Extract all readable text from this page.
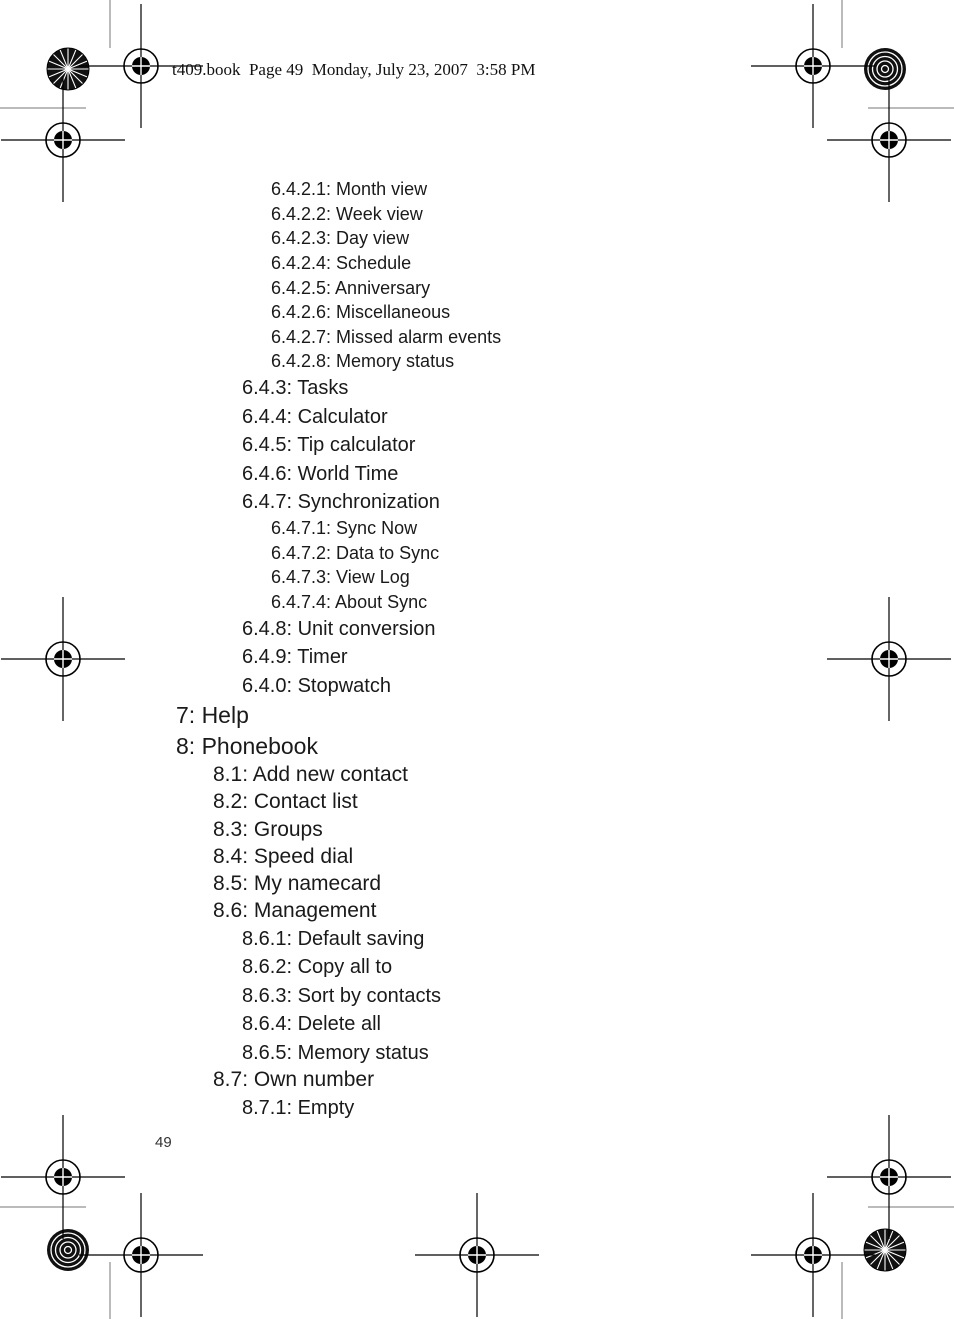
t409.book  Page 49  Monday, July 23, 2007  3:58 PM
6.4.2.1: Month view
6.4.2.2: Week view
6.4.2.3: Day view
6.4.2.4: Schedule
6.4.2.5: Anniversary
6.4.2.6: Miscellaneous
6.4.2.7: Missed alarm events
6.4.2.8: Memory status
6.4.3: Tasks
6.4.4: Calculator
6.4.5: Tip calculator
6.4.6: World Time
6.4.7: Synchronization
6.4.7.1: Sync Now
6.4.7.2: Data to Sync
6.4.7.3: View Log
6.4.7.4: About Sync
6.4.8: Unit conversion
6.4.9: Timer
6.4.0: Stopwatch
7: Help
8: Phonebook
8.1: Add new contact
8.2: Contact list
8.3: Groups
8.4: Speed dial
8.5: My namecard
8.6: Management
8.6.1: Default saving
8.6.2: Copy all to
8.6.3: Sort by contacts
8.6.4: Delete all
8.6.5: Memory status
8.7: Own number
8.7.1: Empty
49
